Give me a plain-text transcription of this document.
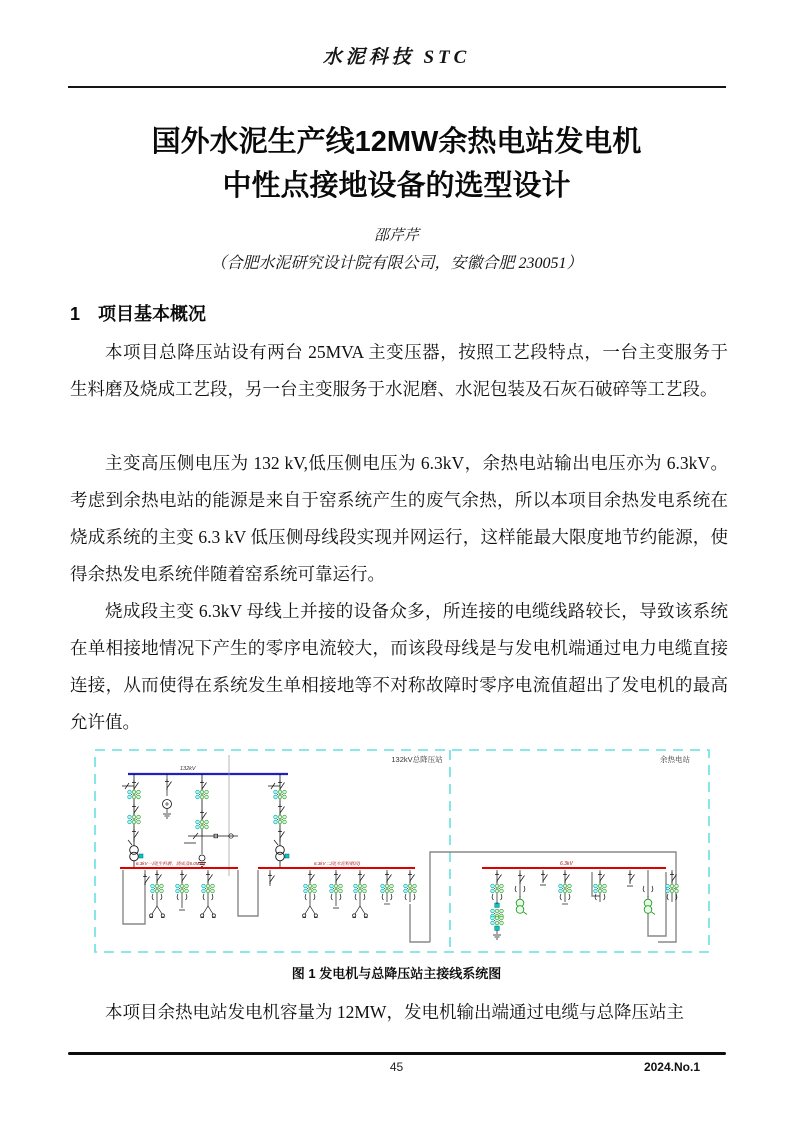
水泥科技 STC
国外水泥生产线12MW余热电站发电机
中性点接地设备的选型设计
邵芹芹
（合肥水泥研究设计院有限公司，安徽合肥 230051）
1　项目基本概况
本项目总降压站设有两台 25MVA 主变压器，按照工艺段特点，一台主变服务于生料磨及烧成工艺段，另一台主变服务于水泥磨、水泥包装及石灰石破碎等工艺段。
主变高压侧电压为 132 kV,低压侧电压为 6.3kV，余热电站输出电压亦为 6.3kV。考虑到余热电站的能源是来自于窑系统产生的废气余热，所以本项目余热发电系统在烧成系统的主变 6.3 kV 低压侧母线段实现并网运行，这样能最大限度地节约能源，使得余热发电系统伴随着窑系统可靠运行。
烧成段主变 6.3kV 母线上并接的设备众多，所连接的电缆线路较长，导致该系统在单相接地情况下产生的零序电流较大，而该段母线是与发电机端通过电力电缆直接连接，从而使得在系统发生单相接地等不对称故障时零序电流值超出了发电机的最高允许值。
132kV总降压站	余热电站
132kV
6.3kV一段(生料磨、烧成及6.0MW)	6.3kV二段(水泥粉磨段)	6.3kV
图 1 发电机与总降压站主接线系统图
本项目余热电站发电机容量为 12MW，发电机输出端通过电缆与总降压站主
45	2024.No.1
